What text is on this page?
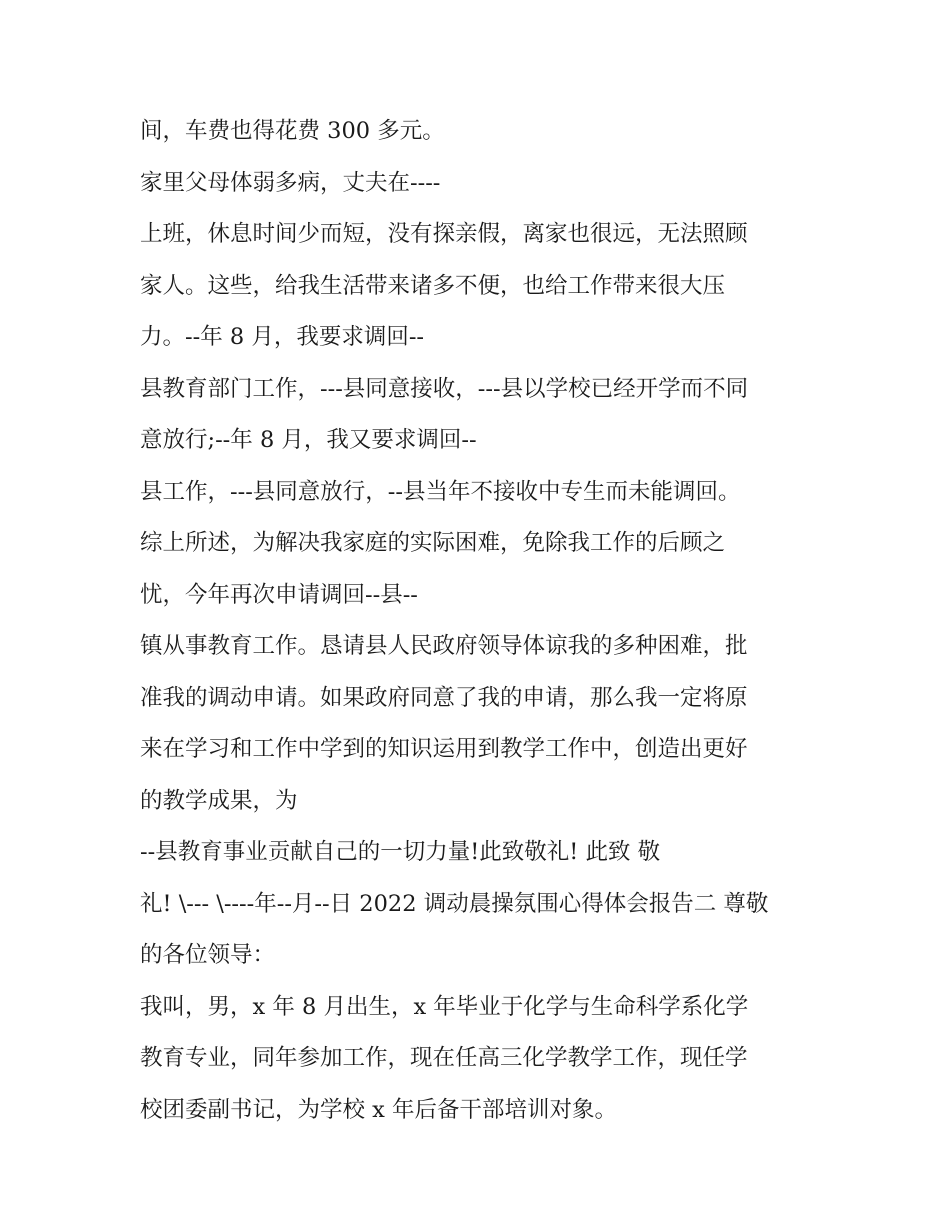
间，车费也得花费 300 多元。
家里父母体弱多病，丈夫在----
上班，休息时间少而短，没有探亲假，离家也很远，无法照顾
家人。这些，给我生活带来诸多不便，也给工作带来很大压
力。--年 8 月，我要求调回--
县教育部门工作，---县同意接收，---县以学校已经开学而不同
意放行;--年 8 月，我又要求调回--
县工作，---县同意放行，--县当年不接收中专生而未能调回。
综上所述，为解决我家庭的实际困难，免除我工作的后顾之
忧，今年再次申请调回--县--
镇从事教育工作。恳请县人民政府领导体谅我的多种困难，批
准我的调动申请。如果政府同意了我的申请，那么我一定将原
来在学习和工作中学到的知识运用到教学工作中，创造出更好
的教学成果，为
--县教育事业贡献自己的一切力量!此致敬礼! 此致 敬
礼! \--- \----年--月--日 2022 调动晨操氛围心得体会报告二 尊敬
的各位领导：
我叫，男，x 年 8 月出生，x 年毕业于化学与生命科学系化学
教育专业，同年参加工作，现在任高三化学教学工作，现任学
校团委副书记，为学校 x 年后备干部培训对象。
